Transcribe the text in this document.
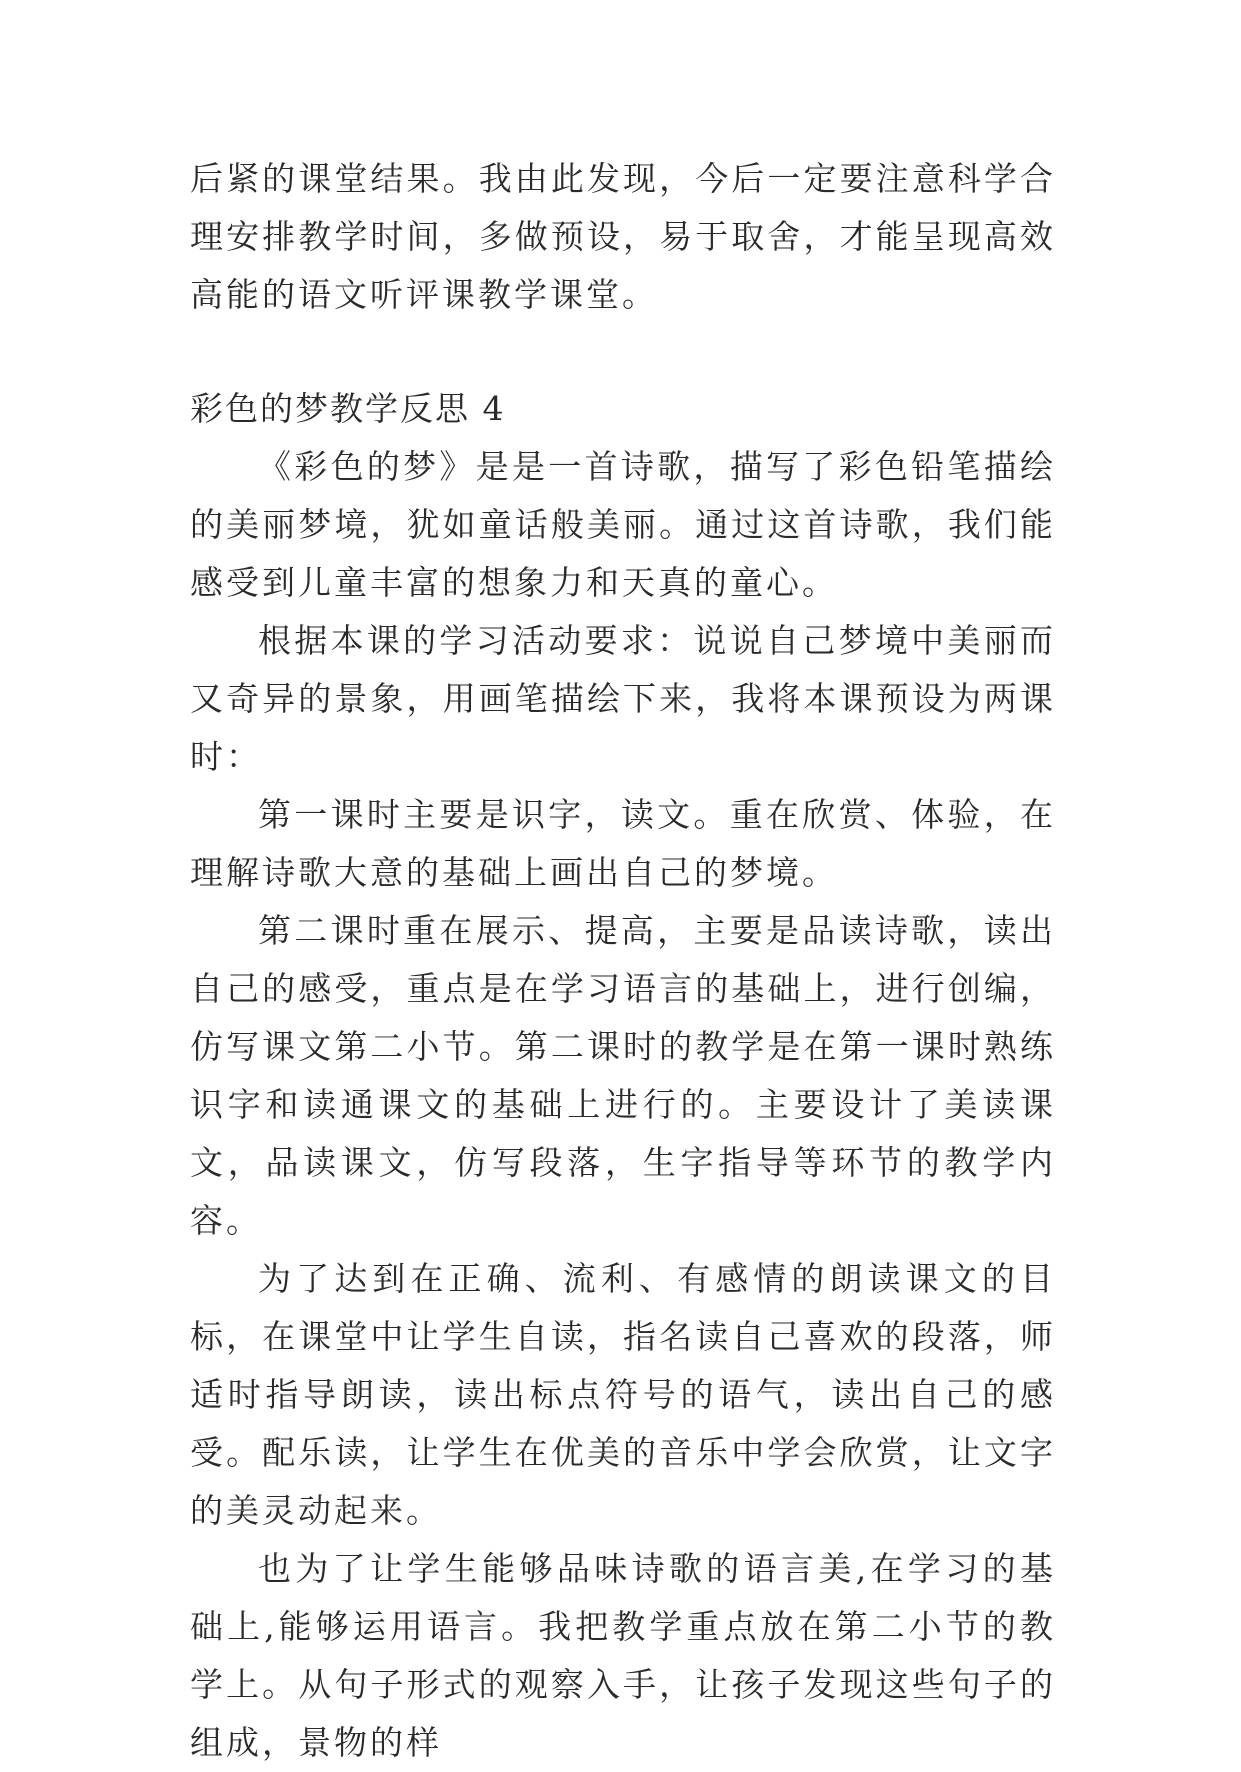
后紧的课堂结果。我由此发现，今后一定要注意科学合理安排教学时间，多做预设，易于取舍，才能呈现高效高能的语文听评课教学课堂。

彩色的梦教学反思 4

《彩色的梦》是是一首诗歌，描写了彩色铅笔描绘的美丽梦境，犹如童话般美丽。通过这首诗歌，我们能感受到儿童丰富的想象力和天真的童心。

根据本课的学习活动要求：说说自己梦境中美丽而又奇异的景象，用画笔描绘下来，我将本课预设为两课时：

第一课时主要是识字，读文。重在欣赏、体验，在理解诗歌大意的基础上画出自己的梦境。

第二课时重在展示、提高，主要是品读诗歌，读出自己的感受，重点是在学习语言的基础上，进行创编，仿写课文第二小节。第二课时的教学是在第一课时熟练识字和读通课文的基础上进行的。主要设计了美读课文，品读课文，仿写段落，生字指导等环节的教学内容。

为了达到在正确、流利、有感情的朗读课文的目标，在课堂中让学生自读，指名读自己喜欢的段落，师适时指导朗读，读出标点符号的语气，读出自己的感受。配乐读，让学生在优美的音乐中学会欣赏，让文字的美灵动起来。

也为了让学生能够品味诗歌的语言美,在学习的基础上,能够运用语言。我把教学重点放在第二小节的教学上。从句子形式的观察入手，让孩子发现这些句子的组成，景物的样
